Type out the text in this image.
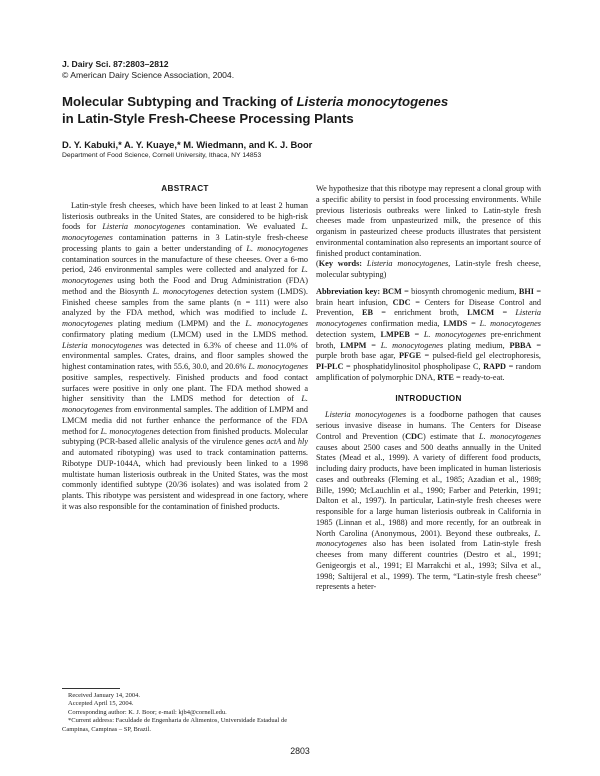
J. Dairy Sci. 87:2803–2812
© American Dairy Science Association, 2004.
Molecular Subtyping and Tracking of Listeria monocytogenes
in Latin-Style Fresh-Cheese Processing Plants
D. Y. Kabuki,* A. Y. Kuaye,* M. Wiedmann, and K. J. Boor
Department of Food Science, Cornell University, Ithaca, NY 14853
ABSTRACT

Latin-style fresh cheeses, which have been linked to at least 2 human listeriosis outbreaks in the United States, are considered to be high-risk foods for Listeria monocytogenes contamination. We evaluated L. monocytogenes contamination patterns in 3 Latin-style fresh-cheese processing plants to gain a better understanding of L. monocytogenes contamination sources in the manufacture of these cheeses. Over a 6-mo period, 246 environmental samples were collected and analyzed for L. monocytogenes using both the Food and Drug Administration (FDA) method and the Biosynth L. monocytogenes detection system (LMDS). Finished cheese samples from the same plants (n = 111) were also analyzed by the FDA method, which was modified to include L. monocytogenes plating medium (LMPM) and the L. monocytogenes confirmatory plating medium (LMCM) used in the LMDS method. Listeria monocytogenes was detected in 6.3% of cheese and 11.0% of environmental samples. Crates, drains, and floor samples showed the highest contamination rates, with 55.6, 30.0, and 20.6% L. monocytogenes positive samples, respectively. Finished products and food contact surfaces were positive in only one plant. The FDA method showed a higher sensitivity than the LMDS method for detection of L. monocytogenes from environmental samples. The addition of LMPM and LMCM media did not further enhance the performance of the FDA method for L. monocytogenes detection from finished products. Molecular subtyping (PCR-based allelic analysis of the virulence genes actA and hly and automated ribotyping) was used to track contamination patterns. Ribotype DUP-1044A, which had previously been linked to a 1998 multistate human listeriosis outbreak in the United States, was the most commonly identified subtype (20/36 isolates) and was isolated from 2 plants. This ribotype was persistent and widespread in one factory, where it was also responsible for the contamination of finished products.

We hypothesize that this ribotype may represent a clonal group with a specific ability to persist in food processing environments. While previous listeriosis outbreaks were linked to Latin-style fresh cheeses made from unpasteurized milk, the presence of this organism in pasteurized cheese products illustrates that persistent environmental contamination also represents an important source of finished product contamination.

(Key words: Listeria monocytogenes, Latin-style fresh cheese, molecular subtyping)

Abbreviation key: BCM = biosynth chromogenic medium, BHI = brain heart infusion, CDC = Centers for Disease Control and Prevention, EB = enrichment broth, LMCM = Listeria monocytogenes confirmation media, LMDS = L. monocytogenes detection system, LMPEB = L. monocytogenes pre-enrichment broth, LMPM = L. monocytogenes plating medium, PBBA = purple broth base agar, PFGE = pulsed-field gel electrophoresis, PI-PLC = phosphatidylinositol phospholipase C, RAPD = random amplification of polymorphic DNA, RTE = ready-to-eat.

INTRODUCTION

Listeria monocytogenes is a foodborne pathogen that causes serious invasive disease in humans. The Centers for Disease Control and Prevention (CDC) estimate that L. monocytogenes causes about 2500 cases and 500 deaths annually in the United States (Mead et al., 1999). A variety of different food products, including dairy products, have been implicated in human listeriosis cases and outbreaks (Fleming et al., 1985; Azadian et al., 1989; Bille, 1990; McLauchlin et al., 1990; Farber and Peterkin, 1991; Dalton et al., 1997). In particular, Latin-style fresh cheeses were responsible for a large human listeriosis outbreak in California in 1985 (Linnan et al., 1988) and more recently, for an outbreak in North Carolina (Anonymous, 2001). Beyond these outbreaks, L. monocytogenes also has been isolated from Latin-style fresh cheeses from many different countries (Destro et al., 1991; Genigeorgis et al., 1991; El Marrakchi et al., 1993; Silva et al., 1998; Saltijeral et al., 1999). The term, “Latin-style fresh cheese” represents a heter-

Received January 14, 2004.
Accepted April 15, 2004.
Corresponding author: K. J. Boor; e-mail: kjb4@cornell.edu.
*Current address: Faculdade de Engenharia de Alimentos, Universidade Estadual de Campinas, Campinas – SP, Brazil.
2803
